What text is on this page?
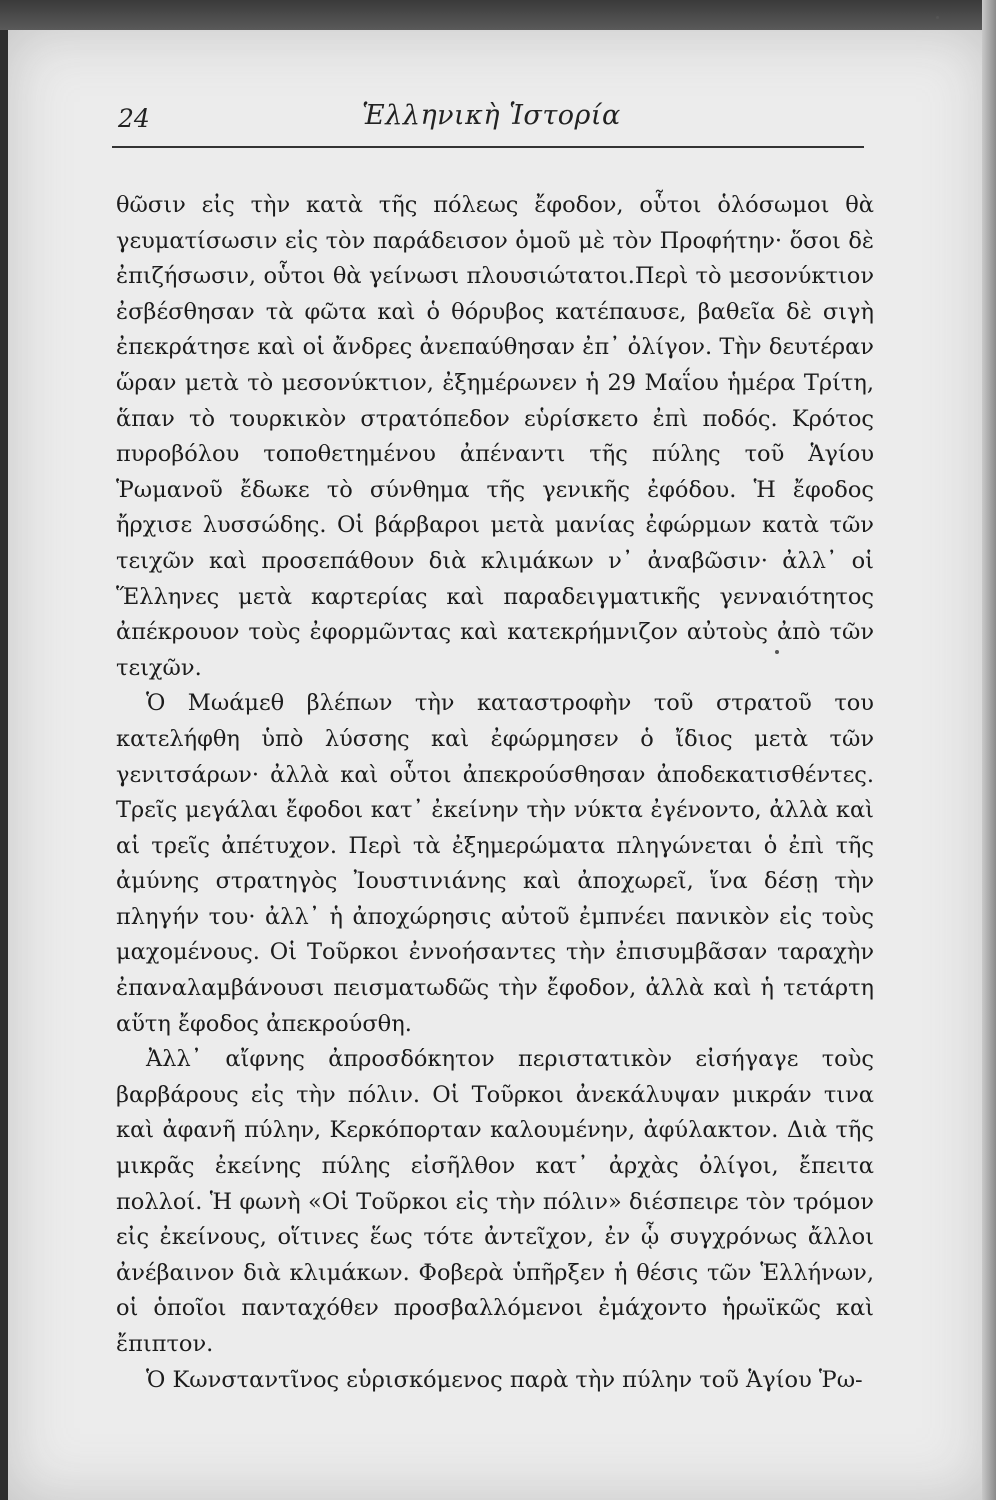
24	Ἑλληνικὴ Ἱστορία

θῶσιν εἰς τὴν κατὰ τῆς πόλεως ἔφοδον, οὗτοι ὁλόσωμοι θὰ γευματίσωσιν εἰς τὸν παράδεισον ὁμοῦ μὲ τὸν Προφήτην· ὅσοι δὲ ἐπιζήσωσιν, οὗτοι θὰ γείνωσι πλουσιώτατοι.Περὶ τὸ μεσονύκτιον ἐσβέσθησαν τὰ φῶτα καὶ ὁ θόρυβος κατέπαυσε, βαθεῖα δὲ σιγὴ ἐπεκράτησε καὶ οἱ ἄνδρες ἀνεπαύθησαν ἐπ᾽ ὀλίγον. Τὴν δευτέραν ὥραν μετὰ τὸ μεσονύκτιον, ἐξημέρωνεν ἡ 29 Μαΐου ἡμέρα Τρίτη, ἅπαν τὸ τουρκικὸν στρατόπεδον εὑρίσκετο ἐπὶ ποδός. Κρότος πυροβόλου τοποθετημένου ἀπέναντι τῆς πύλης τοῦ Ἁγίου Ῥωμανοῦ ἔδωκε τὸ σύνθημα τῆς γενικῆς ἐφόδου. Ἡ ἔφοδος ἤρχισε λυσσώδης. Οἱ βάρβαροι μετὰ μανίας ἐφώρμων κατὰ τῶν τειχῶν καὶ προσεπάθουν διὰ κλιμάκων ν᾽ ἀναβῶσιν· ἀλλ᾽ οἱ Ἕλληνες μετὰ καρτερίας καὶ παραδειγματικῆς γενναιότητος ἀπέκρουον τοὺς ἐφορμῶντας καὶ κατεκρήμνιζον αὐτοὺς ἀπὸ τῶν τειχῶν.

Ὁ Μωάμεθ βλέπων τὴν καταστροφὴν τοῦ στρατοῦ του κατελήφθη ὑπὸ λύσσης καὶ ἐφώρμησεν ὁ ἴδιος μετὰ τῶν γενιτσάρων· ἀλλὰ καὶ οὗτοι ἀπεκρούσθησαν ἀποδεκατισθέντες. Τρεῖς μεγάλαι ἔφοδοι κατ᾽ ἐκείνην τὴν νύκτα ἐγένοντο, ἀλλὰ καὶ αἱ τρεῖς ἀπέτυχον. Περὶ τὰ ἐξημερώματα πληγώνεται ὁ ἐπὶ τῆς ἀμύνης στρατηγὸς Ἰουστινιάνης καὶ ἀποχωρεῖ, ἵνα δέσῃ τὴν πληγήν του· ἀλλ᾽ ἡ ἀποχώρησις αὐτοῦ ἐμπνέει πανικὸν εἰς τοὺς μαχομένους. Οἱ Τοῦρκοι ἐννοήσαντες τὴν ἐπισυμβᾶσαν ταραχὴν ἐπαναλαμβάνουσι πεισματωδῶς τὴν ἔφοδον, ἀλλὰ καὶ ἡ τετάρτη αὕτη ἔφοδος ἀπεκρούσθη.

Ἀλλ᾽ αἴφνης ἀπροσδόκητον περιστατικὸν εἰσήγαγε τοὺς βαρβάρους εἰς τὴν πόλιν. Οἱ Τοῦρκοι ἀνεκάλυψαν μικράν τινα καὶ ἀφανῆ πύλην, Κερκόπορταν καλουμένην, ἀφύλακτον. Διὰ τῆς μικρᾶς ἐκείνης πύλης εἰσῆλθον κατ᾽ ἀρχὰς ὀλίγοι, ἔπειτα πολλοί. Ἡ φωνὴ «Οἱ Τοῦρκοι εἰς τὴν πόλιν» διέσπειρε τὸν τρόμον εἰς ἐκείνους, οἵτινες ἕως τότε ἀντεῖχον, ἐν ᾧ συγχρόνως ἄλλοι ἀνέβαινον διὰ κλιμάκων. Φοβερὰ ὑπῆρξεν ἡ θέσις τῶν Ἑλλήνων, οἱ ὁποῖοι πανταχόθεν προσβαλλόμενοι ἐμάχοντο ἡρωϊκῶς καὶ ἔπιπτον.

Ὁ Κωνσταντῖνος εὑρισκόμενος παρὰ τὴν πύλην τοῦ Ἁγίου Ῥω-
